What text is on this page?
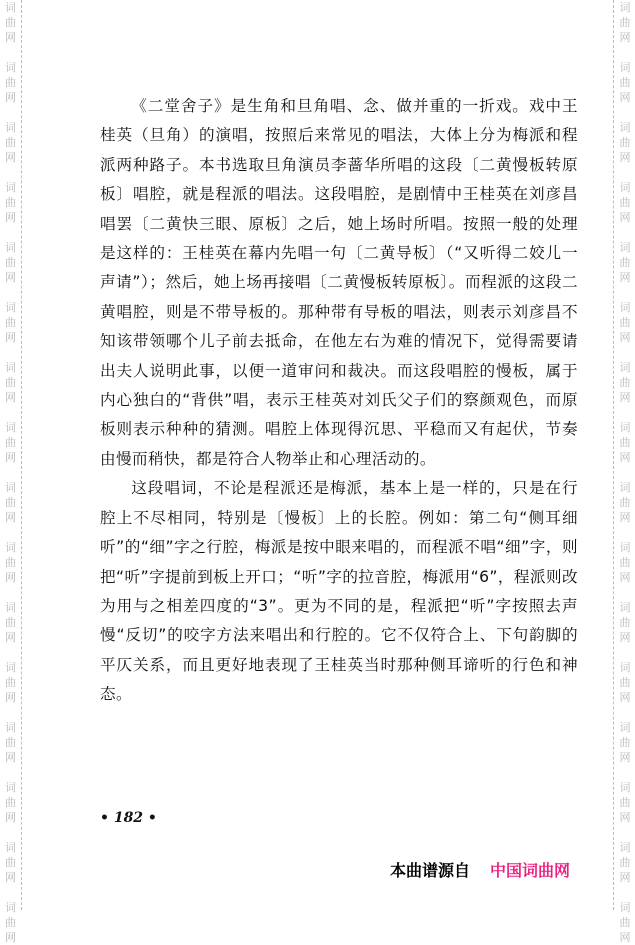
词
曲
网
词
曲
网
词
曲
网
词
曲
网
词
曲
网
词
曲
网
词
曲
网
词
曲
网
词
曲
网
词
曲
网
词
曲
网
词
曲
网
词
曲
网
词
曲
网
词
曲
网
词
曲
网
词
曲
网
词
曲
网
词
曲
网
词
曲
网
词
曲
网
词
曲
网
词
曲
网
词
曲
网
词
曲
网
词
曲
网
词
曲
网
词
曲
网
词
曲
网
词
曲
网
词
曲
网
词
曲
网

《二堂舍子》是生角和旦角唱、念、做并重的一折戏。戏中王桂英（旦角）的演唱，按照后来常见的唱法，大体上分为梅派和程派两种路子。本书选取旦角演员李蔷华所唱的这段〔二黄慢板转原板〕唱腔，就是程派的唱法。这段唱腔，是剧情中王桂英在刘彦昌唱罢〔二黄快三眼、原板〕之后，她上场时所唱。按照一般的处理是这样的：王桂英在幕内先唱一句〔二黄导板〕（“又听得二姣儿一声请”）；然后，她上场再接唱〔二黄慢板转原板〕。而程派的这段二黄唱腔，则是不带导板的。那种带有导板的唱法，则表示刘彦昌不知该带领哪个儿子前去抵命，在他左右为难的情况下，觉得需要请出夫人说明此事，以便一道审问和裁决。而这段唱腔的慢板，属于内心独白的“背供”唱，表示王桂英对刘氏父子们的察颜观色，而原板则表示种种的猜测。唱腔上体现得沉思、平稳而又有起伏，节奏由慢而稍快，都是符合人物举止和心理活动的。

这段唱词，不论是程派还是梅派，基本上是一样的，只是在行腔上不尽相同，特别是〔慢板〕上的长腔。例如：第二句“侧耳细听”的“细”字之行腔，梅派是按中眼来唱的，而程派不唱“细”字，则把“听”字提前到板上开口；“听”字的拉音腔，梅派用“6”，程派则改为用与之相差四度的“3”。更为不同的是，程派把“听”字按照去声慢“反切”的咬字方法来唱出和行腔的。它不仅符合上、下句韵脚的平仄关系，而且更好地表现了王桂英当时那种侧耳谛听的行色和神态。

• 182 •
本曲谱源自 中国词曲网
